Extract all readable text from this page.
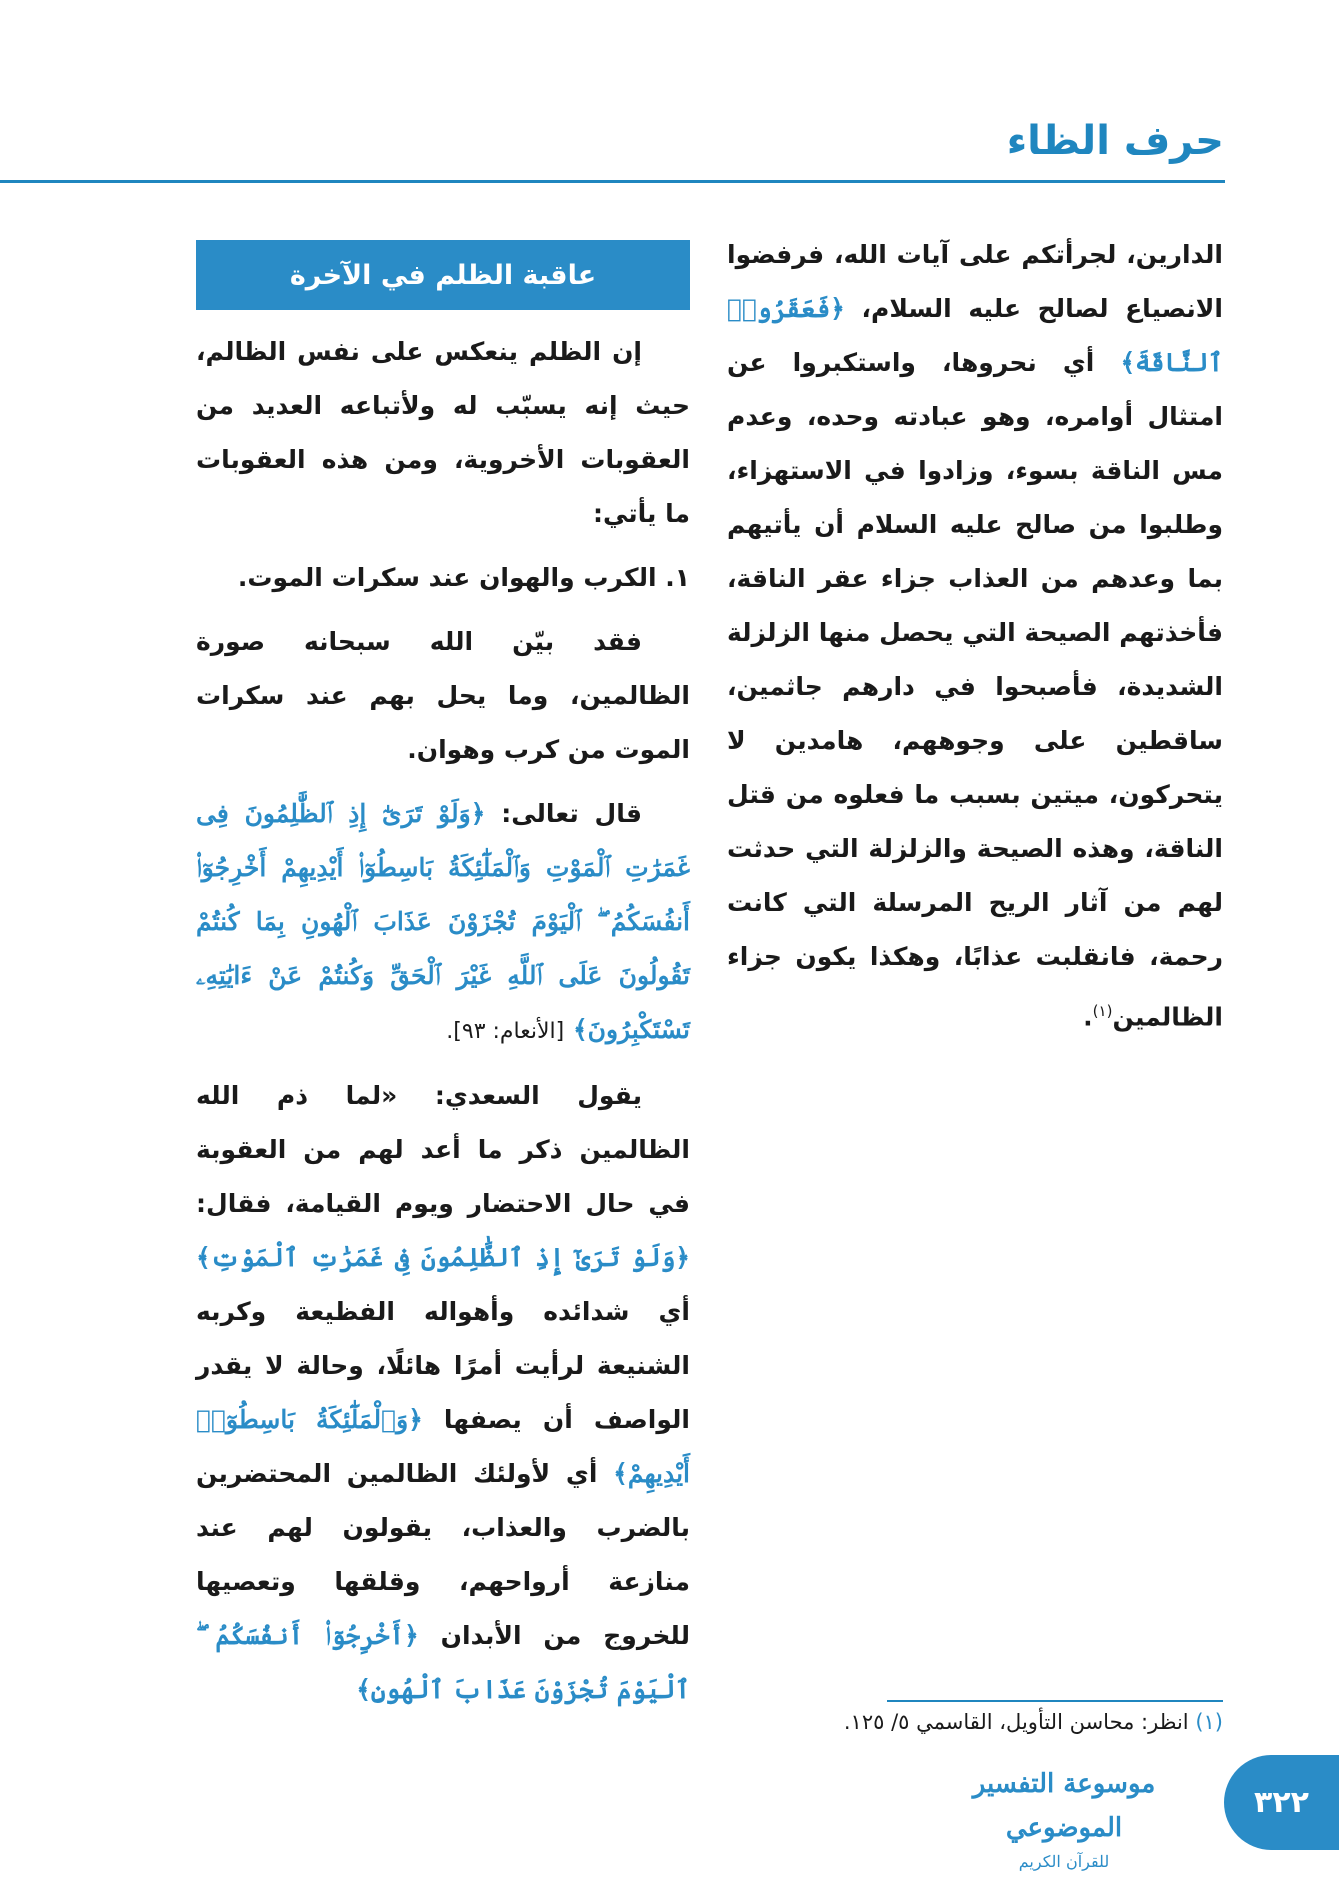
حرف الظاء

الدارين، لجرأتكم على آيات الله، فرفضوا الانصياع لصالح عليه السلام، ﴿فَعَقَرُوا۟ ٱلنَّاقَةَ﴾ أي نحروها، واستكبروا عن امتثال أوامره، وهو عبادته وحده، وعدم مس الناقة بسوء، وزادوا في الاستهزاء، وطلبوا من صالح عليه السلام أن يأتيهم بما وعدهم من العذاب جزاء عقر الناقة، فأخذتهم الصيحة التي يحصل منها الزلزلة الشديدة، فأصبحوا في دارهم جاثمين، ساقطين على وجوههم، هامدين لا يتحركون، ميتين بسبب ما فعلوه من قتل الناقة، وهذه الصيحة والزلزلة التي حدثت لهم من آثار الريح المرسلة التي كانت رحمة، فانقلبت عذابًا، وهكذا يكون جزاء الظالمين$^{(١)}$.

عاقبة الظلم في الآخرة

إن الظلم ينعكس على نفس الظالم، حيث إنه يسبّب له ولأتباعه العديد من العقوبات الأخروية، ومن هذه العقوبات ما يأتي:

١. الكرب والهوان عند سكرات الموت.

فقد بيّن الله سبحانه صورة الظالمين، وما يحل بهم عند سكرات الموت من كرب وهوان.

قال تعالى: ﴿وَلَوْ تَرَىٰٓ إِذِ ٱلظَّٰلِمُونَ فِى غَمَرَٰتِ ٱلْمَوْتِ وَٱلْمَلَٰٓئِكَةُ بَاسِطُوٓا۟ أَيْدِيهِمْ أَخْرِجُوٓا۟ أَنفُسَكُمُ ۖ ٱلْيَوْمَ تُجْزَوْنَ عَذَابَ ٱلْهُونِ بِمَا كُنتُمْ تَقُولُونَ عَلَى ٱللَّهِ غَيْرَ ٱلْحَقِّ وَكُنتُمْ عَنْ ءَايَٰتِهِۦ تَسْتَكْبِرُونَ﴾ [الأنعام: ٩٣].

يقول السعدي: «لما ذم الله الظالمين ذكر ما أعد لهم من العقوبة في حال الاحتضار ويوم القيامة، فقال: ﴿وَلَوْ تَرَىٰٓ إِذِ ٱلظَّٰلِمُونَ فِى غَمَرَٰتِ ٱلْمَوْتِ﴾ أي شدائده وأهواله الفظيعة وكربه الشنيعة لرأيت أمرًا هائلًا، وحالة لا يقدر الواصف أن يصفها ﴿وَٱلْمَلَٰٓئِكَةُ بَاسِطُوٓا۟ أَيْدِيهِمْ﴾ أي لأولئك الظالمين المحتضرين بالضرب والعذاب، يقولون لهم عند منازعة أرواحهم، وقلقها وتعصيها للخروج من الأبدان ﴿أَخْرِجُوٓا۟ أَنفُسَكُمُ ۖ ٱلْيَوْمَ تُجْزَوْنَ عَذَابَ ٱلْهُونِ﴾

(١) انظر: محاسن التأويل، القاسمي ٥/ ١٢٥.
موسوعة التفسير الموضوعي
للقرآن الكريم
٣٢٢
